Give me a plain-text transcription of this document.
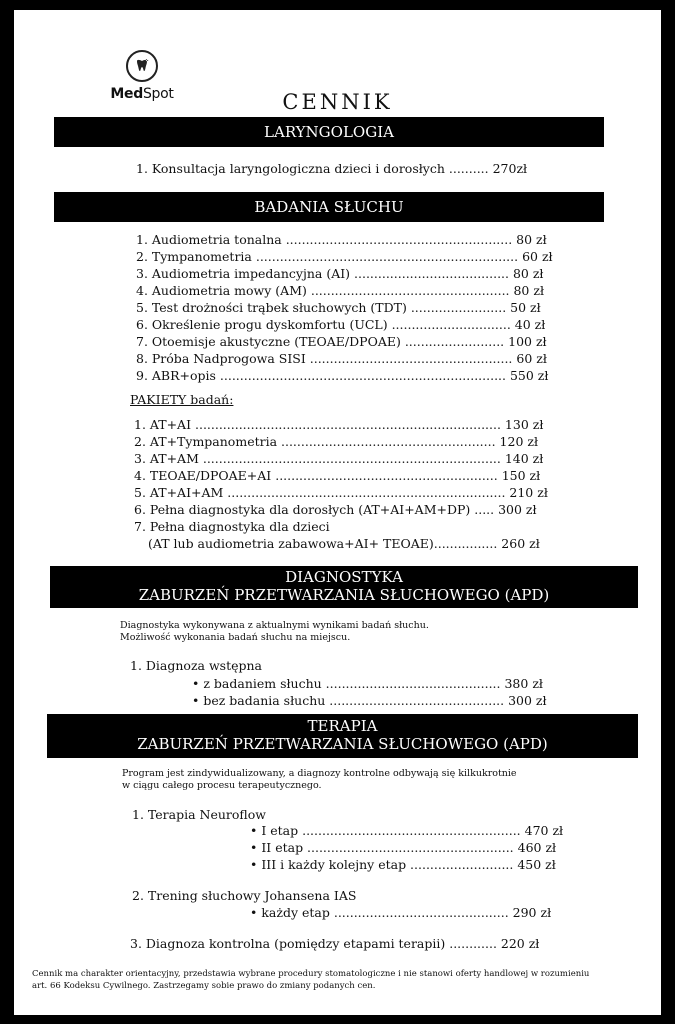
MedSpot	CENNIK
LARYNGOLOGIA
1. Konsultacja laryngologiczna dzieci i dorosłych .......... 270zł
BADANIA SŁUCHU
1. Audiometria tonalna ......................................................... 80 zł
2. Tympanometria .................................................................. 60 zł
3. Audiometria impedancyjna (AI) ....................................... 80 zł
4. Audiometria mowy (AM) .................................................. 80 zł
5. Test drożności trąbek słuchowych (TDT) ........................ 50 zł
6. Określenie progu dyskomfortu (UCL) .............................. 40 zł
7. Otoemisje akustyczne (TEOAE/DPOAE) ......................... 100 zł
8. Próba Nadprogowa SISI ................................................... 60 zł
9. ABR+opis ........................................................................ 550 zł
PAKIETY badań:
1. AT+AI ............................................................................. 130 zł
2. AT+Tympanometria ...................................................... 120 zł
3. AT+AM ........................................................................... 140 zł
4. TEOAE/DPOAE+AI ........................................................ 150 zł
5. AT+AI+AM ...................................................................... 210 zł
6. Pełna diagnostyka dla dorosłych (AT+AI+AM+DP) ..... 300 zł
7. Pełna diagnostyka dla dzieci
(AT lub audiometria zabawowa+AI+ TEOAE)................ 260 zł
DIAGNOSTYKA
ZABURZEŃ PRZETWARZANIA SŁUCHOWEGO (APD)
Diagnostyka wykonywana z aktualnymi wynikami badań słuchu.
Możliwość wykonania badań słuchu na miejscu.
1. Diagnoza wstępna
• z badaniem słuchu ............................................ 380 zł
• bez badania słuchu ............................................ 300 zł
TERAPIA
ZABURZEŃ PRZETWARZANIA SŁUCHOWEGO (APD)
Program jest zindywidualizowany, a diagnozy kontrolne odbywają się kilkukrotnie
w ciągu całego procesu terapeutycznego.
1. Terapia Neuroflow
• I etap ....................................................... 470 zł
• II etap .................................................... 460 zł
• III i każdy kolejny etap .......................... 450 zł
2. Trening słuchowy Johansena IAS
• każdy etap ............................................ 290 zł
3. Diagnoza kontrolna (pomiędzy etapami terapii) ............ 220 zł
Cennik ma charakter orientacyjny, przedstawia wybrane procedury stomatologiczne i nie stanowi oferty handlowej w rozumieniu
art. 66 Kodeksu Cywilnego. Zastrzegamy sobie prawo do zmiany podanych cen.
